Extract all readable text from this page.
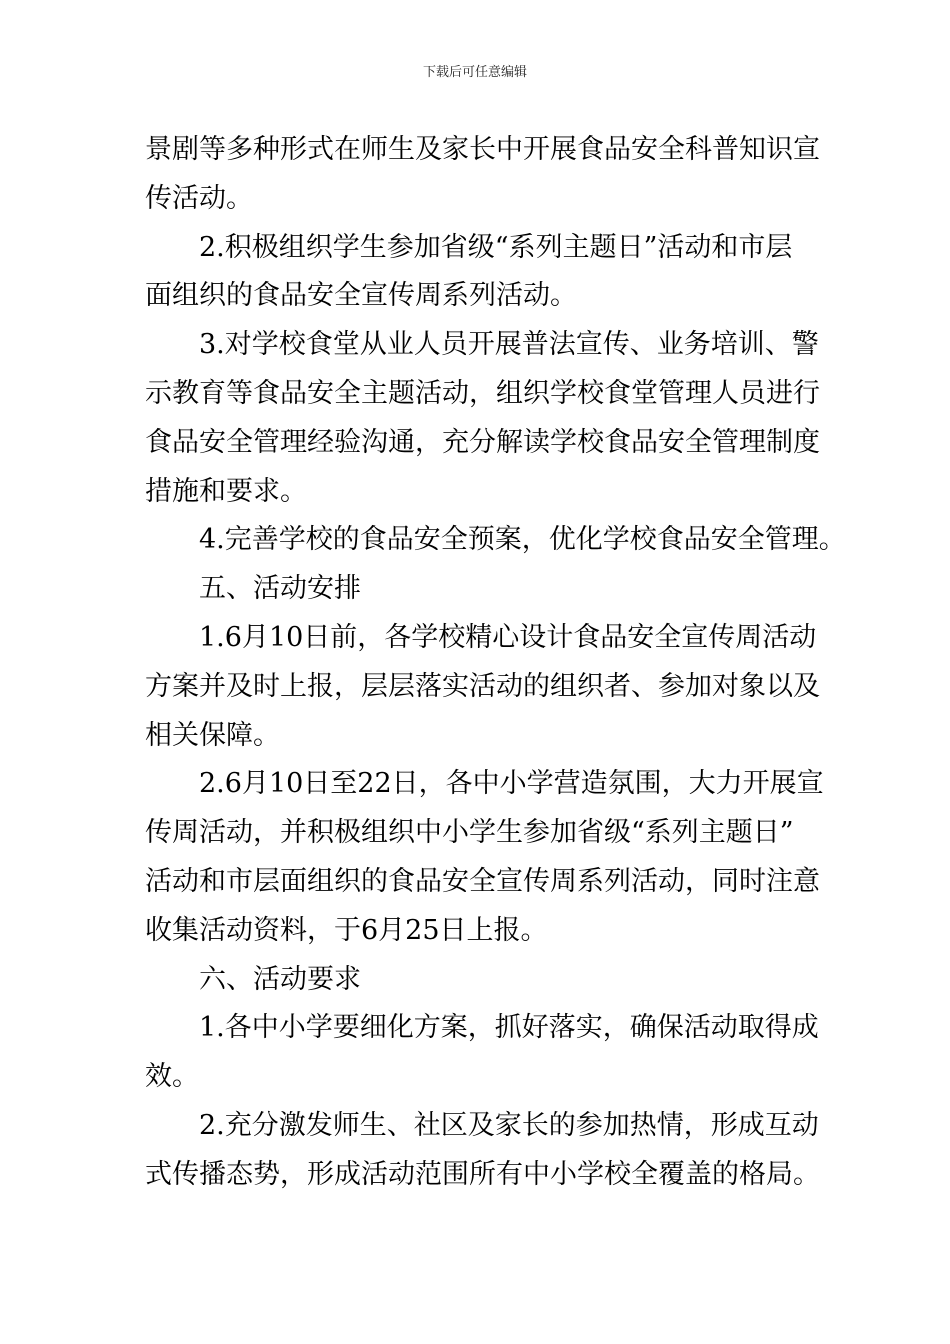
下载后可任意编辑
景剧等多种形式在师生及家长中开展食品安全科普知识宣
传活动。
2.积极组织学生参加省级“系列主题日”活动和市层
面组织的食品安全宣传周系列活动。
3.对学校食堂从业人员开展普法宣传、业务培训、警
示教育等食品安全主题活动，组织学校食堂管理人员进行
食品安全管理经验沟通，充分解读学校食品安全管理制度
措施和要求。
4.完善学校的食品安全预案，优化学校食品安全管理。
五、活动安排
1.6月10日前，各学校精心设计食品安全宣传周活动
方案并及时上报，层层落实活动的组织者、参加对象以及
相关保障。
2.6月10日至22日，各中小学营造氛围，大力开展宣
传周活动，并积极组织中小学生参加省级“系列主题日”
活动和市层面组织的食品安全宣传周系列活动，同时注意
收集活动资料，于6月25日上报。
六、活动要求
1.各中小学要细化方案，抓好落实，确保活动取得成
效。
2.充分激发师生、社区及家长的参加热情，形成互动
式传播态势，形成活动范围所有中小学校全覆盖的格局。
